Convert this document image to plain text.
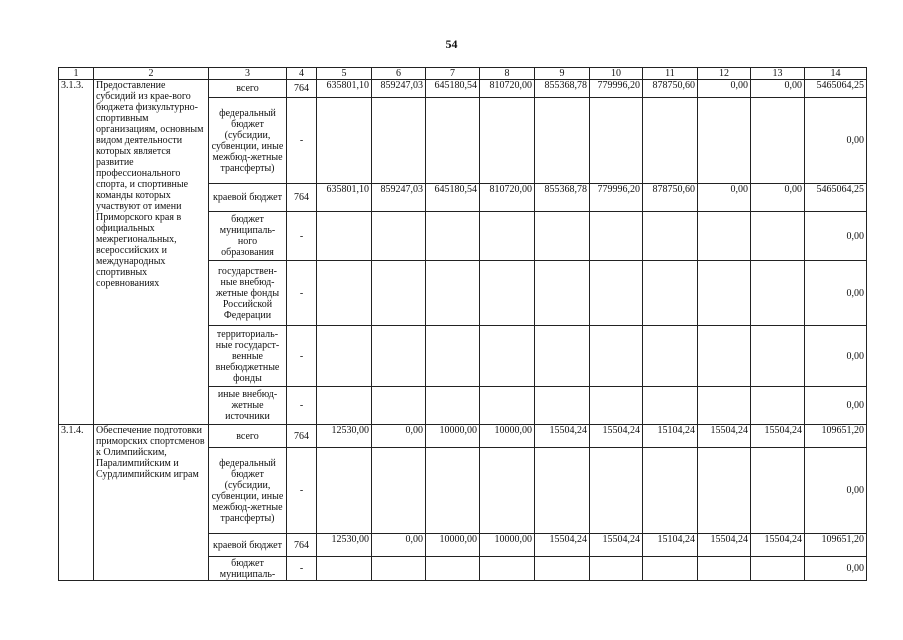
54
1	2	3	4	5	6	7	8	9	10	11	12	13	14
3.1.3.	Предоставление субсидий из крае-вого бюджета физкультурно-спортивным организациям, основным видом деятельности которых является развитие профессионального спорта, и спортивные команды которых участвуют от имени Приморского края в официальных межрегиональных, всероссийских и международных спортивных соревнованиях	всего	764	635801,10	859247,03	645180,54	810720,00	855368,78	779996,20	878750,60	0,00	0,00	5465064,25
		федеральный бюджет (субсидии, субвенции, иные межбюд-жетные трансферты)	-										0,00
		краевой бюджет	764	635801,10	859247,03	645180,54	810720,00	855368,78	779996,20	878750,60	0,00	0,00	5465064,25
		бюджет муниципаль-ного образования	-										0,00
		государствен-ные внебюд-жетные фонды Российской Федерации	-										0,00
		территориаль-ные государст-венные внебюджетные фонды	-										0,00
		иные внебюд-жетные источники	-										0,00
3.1.4.	Обеспечение подготовки приморских спортсменов к Олимпийским, Паралимпийским и Сурдлимпийским играм	всего	764	12530,00	0,00	10000,00	10000,00	15504,24	15504,24	15104,24	15504,24	15504,24	109651,20
		федеральный бюджет (субсидии, субвенции, иные межбюд-жетные трансферты)	-										0,00
		краевой бюджет	764	12530,00	0,00	10000,00	10000,00	15504,24	15504,24	15104,24	15504,24	15504,24	109651,20
		бюджет муниципаль-	-										0,00
